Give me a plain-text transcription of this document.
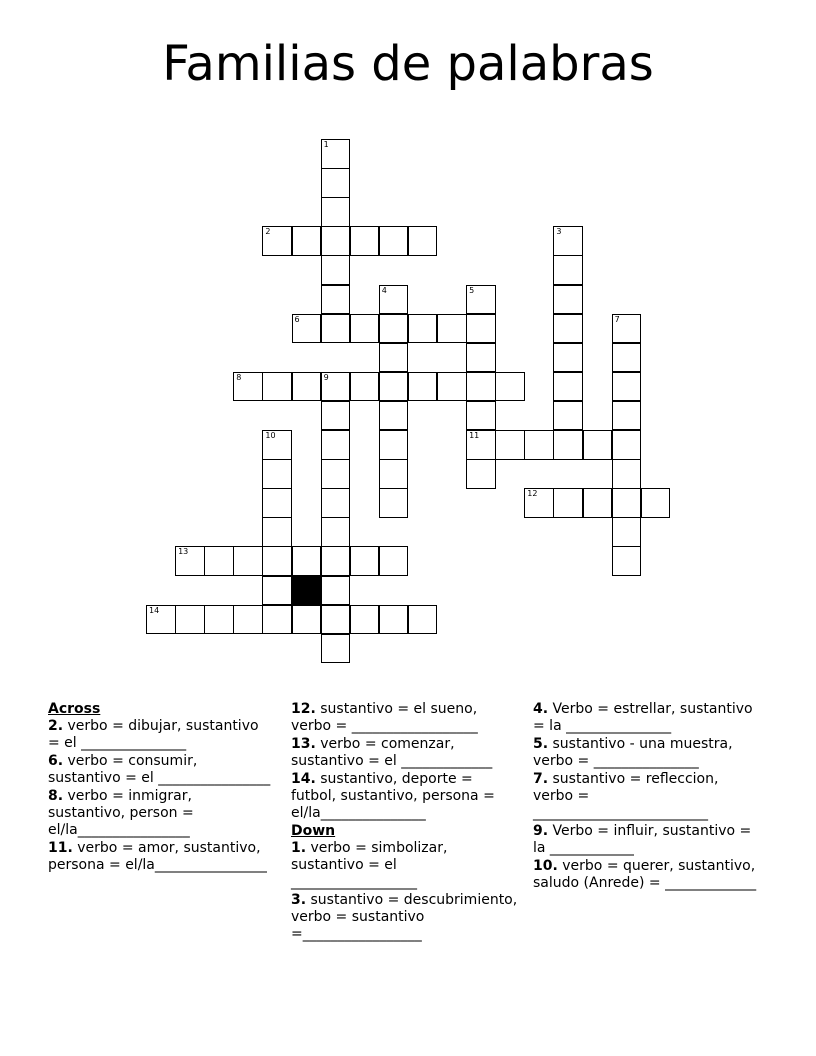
Familias de palabras
2
6
8	9
11
12
13
14
1
3
4	5
7
10
Across
2. verbo = dibujar, sustantivo = el _______________
6. verbo = consumir, sustantivo = el ________________
8. verbo = inmigrar, sustantivo, person = el/la________________
11. verbo = amor, sustantivo, persona = el/la________________
12. sustantivo = el sueno, verbo = __________________
13. verbo = comenzar, sustantivo = el _____________
14. sustantivo, deporte = futbol, sustantivo, persona = el/la_______________
Down
1. verbo = simbolizar, sustantivo = el __________________
3. sustantivo = descubrimiento, verbo = sustantivo =_________________
4. Verbo = estrellar, sustantivo = la _______________
5. sustantivo - una muestra, verbo = _______________
7. sustantivo = refleccion, verbo = _________________________
9. Verbo = influir, sustantivo = la ____________
10. verbo = querer, sustantivo, saludo (Anrede) = _____________
